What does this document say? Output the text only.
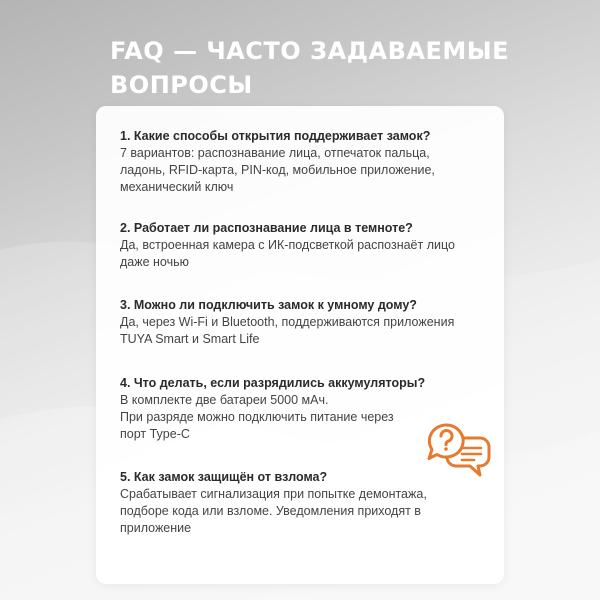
FAQ — ЧАСТО ЗАДАВАЕМЫЕ ВОПРОСЫ
1. Какие способы открытия поддерживает замок?
7 вариантов: распознавание лица, отпечаток пальца, ладонь, RFID-карта, PIN-код, мобильное приложение, механический ключ
2. Работает ли распознавание лица в темноте?
Да, встроенная камера с ИК-подсветкой распознаёт лицо даже ночью
3. Можно ли подключить замок к умному дому?
Да, через Wi-Fi и Bluetooth, поддерживаются приложения TUYA Smart и Smart Life
4. Что делать, если разрядились аккумуляторы?
В комплекте две батареи 5000 мАч.
При разряде можно подключить питание через порт Type-C
5. Как замок защищён от взлома?
Срабатывает сигнализация при попытке демонтажа, подборе кода или взломе. Уведомления приходят в приложение
